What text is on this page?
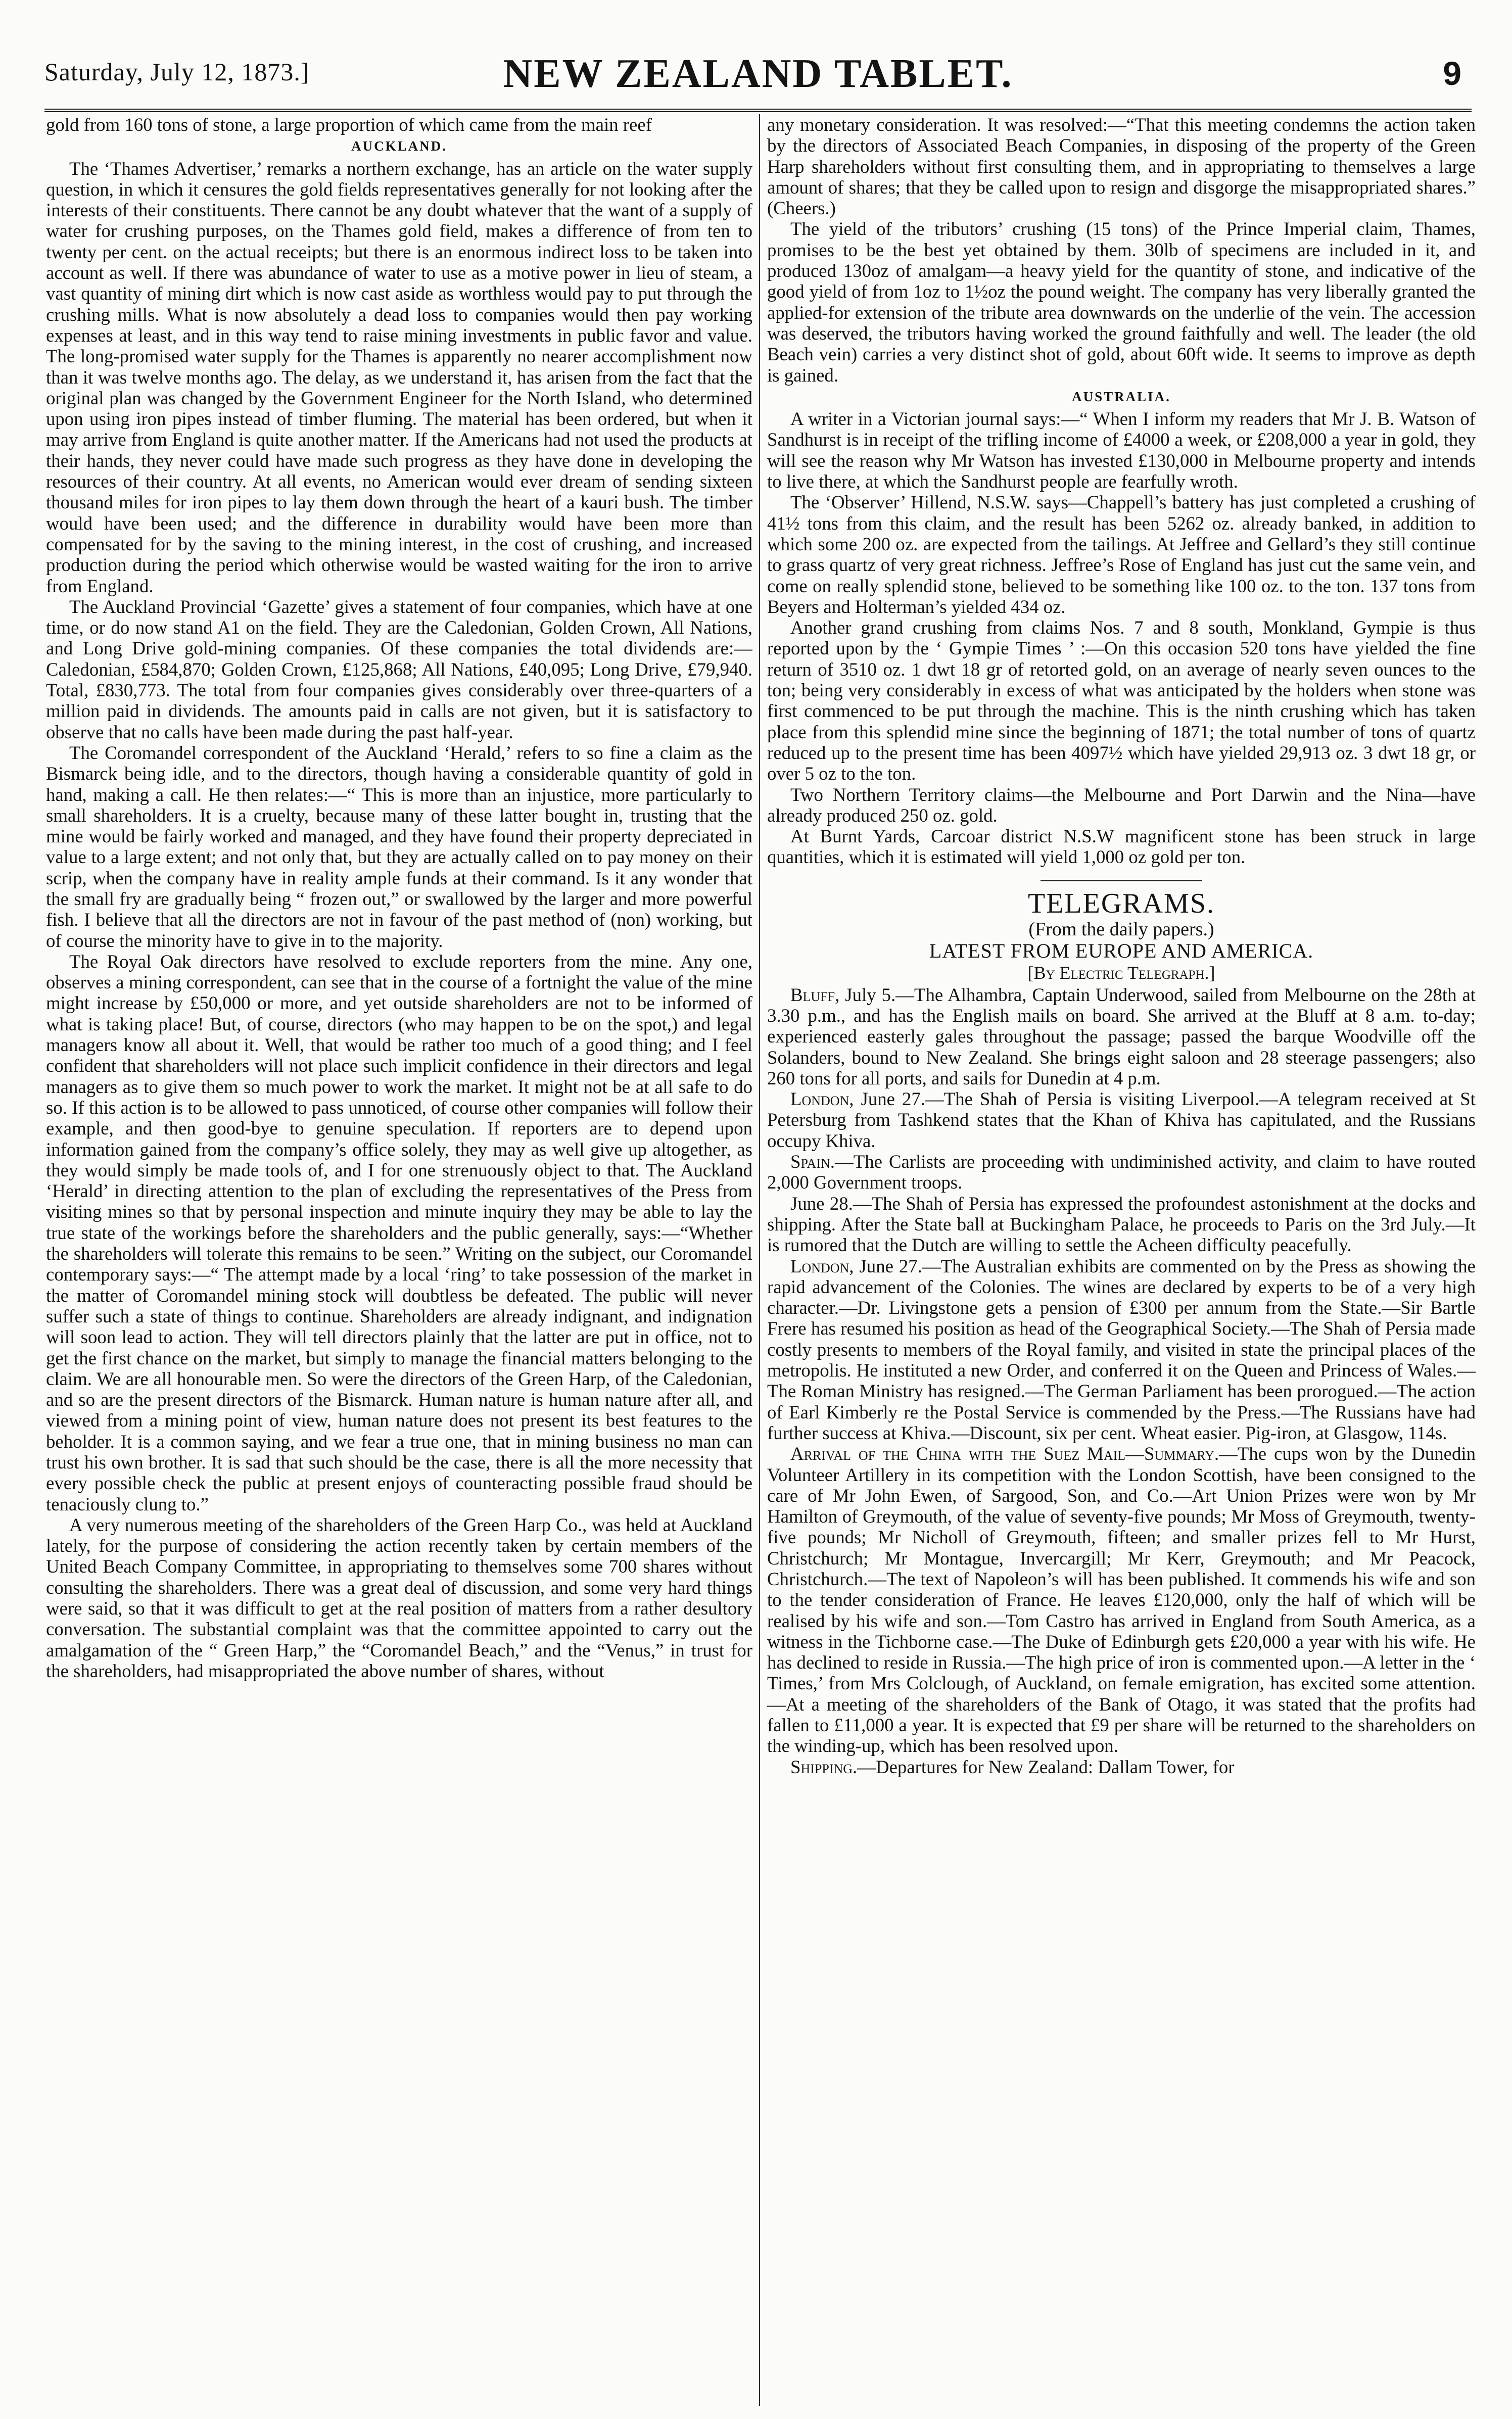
Saturday, July 12, 1873.]	NEW ZEALAND TABLET.	9

gold from 160 tons of stone, a large proportion of which came from the main reef

AUCKLAND.

The ‘Thames Advertiser,’ remarks a northern exchange, has an article on the water supply question, in which it censures the gold fields representatives generally for not looking after the interests of their constituents. There cannot be any doubt whatever that the want of a supply of water for crushing purposes, on the Thames gold field, makes a difference of from ten to twenty per cent. on the actual receipts; but there is an enormous indirect loss to be taken into account as well. If there was abundance of water to use as a motive power in lieu of steam, a vast quantity of mining dirt which is now cast aside as worthless would pay to put through the crushing mills. What is now absolutely a dead loss to companies would then pay working expenses at least, and in this way tend to raise mining investments in public favor and value. The long-promised water supply for the Thames is apparently no nearer accomplishment now than it was twelve months ago. The delay, as we understand it, has arisen from the fact that the original plan was changed by the Government Engineer for the North Island, who determined upon using iron pipes instead of timber fluming. The material has been ordered, but when it may arrive from England is quite another matter. If the Americans had not used the products at their hands, they never could have made such progress as they have done in developing the resources of their country. At all events, no American would ever dream of sending sixteen thousand miles for iron pipes to lay them down through the heart of a kauri bush. The timber would have been used; and the difference in durability would have been more than compensated for by the saving to the mining interest, in the cost of crushing, and increased production during the period which otherwise would be wasted waiting for the iron to arrive from England.

The Auckland Provincial ‘Gazette’ gives a statement of four companies, which have at one time, or do now stand A1 on the field. They are the Caledonian, Golden Crown, All Nations, and Long Drive gold-mining companies. Of these companies the total dividends are:—Caledonian, £584,870; Golden Crown, £125,868; All Nations, £40,095; Long Drive, £79,940. Total, £830,773. The total from four companies gives considerably over three-quarters of a million paid in dividends. The amounts paid in calls are not given, but it is satisfactory to observe that no calls have been made during the past half-year.

The Coromandel correspondent of the Auckland ‘Herald,’ refers to so fine a claim as the Bismarck being idle, and to the directors, though having a considerable quantity of gold in hand, making a call. He then relates:—“ This is more than an injustice, more particularly to small shareholders. It is a cruelty, because many of these latter bought in, trusting that the mine would be fairly worked and managed, and they have found their property depreciated in value to a large extent; and not only that, but they are actually called on to pay money on their scrip, when the company have in reality ample funds at their command. Is it any wonder that the small fry are gradually being “ frozen out,” or swallowed by the larger and more powerful fish. I believe that all the directors are not in favour of the past method of (non) working, but of course the minority have to give in to the majority.

The Royal Oak directors have resolved to exclude reporters from the mine. Any one, observes a mining correspondent, can see that in the course of a fortnight the value of the mine might increase by £50,000 or more, and yet outside shareholders are not to be informed of what is taking place! But, of course, directors (who may happen to be on the spot,) and legal managers know all about it. Well, that would be rather too much of a good thing; and I feel confident that shareholders will not place such implicit confidence in their directors and legal managers as to give them so much power to work the market. It might not be at all safe to do so. If this action is to be allowed to pass unnoticed, of course other companies will follow their example, and then good-bye to genuine speculation. If reporters are to depend upon information gained from the company’s office solely, they may as well give up altogether, as they would simply be made tools of, and I for one strenuously object to that. The Auckland ‘Herald’ in directing attention to the plan of excluding the representatives of the Press from visiting mines so that by personal inspection and minute inquiry they may be able to lay the true state of the workings before the shareholders and the public generally, says:—“Whether the shareholders will tolerate this remains to be seen.” Writing on the subject, our Coromandel contemporary says:—“ The attempt made by a local ‘ring’ to take possession of the market in the matter of Coromandel mining stock will doubtless be defeated. The public will never suffer such a state of things to continue. Shareholders are already indignant, and indignation will soon lead to action. They will tell directors plainly that the latter are put in office, not to get the first chance on the market, but simply to manage the financial matters belonging to the claim. We are all honourable men. So were the directors of the Green Harp, of the Caledonian, and so are the present directors of the Bismarck. Human nature is human nature after all, and viewed from a mining point of view, human nature does not present its best features to the beholder. It is a common saying, and we fear a true one, that in mining business no man can trust his own brother. It is sad that such should be the case, there is all the more necessity that every possible check the public at present enjoys of counteracting possible fraud should be tenaciously clung to.”

A very numerous meeting of the shareholders of the Green Harp Co., was held at Auckland lately, for the purpose of considering the action recently taken by certain members of the United Beach Company Committee, in appropriating to themselves some 700 shares without consulting the shareholders. There was a great deal of discussion, and some very hard things were said, so that it was difficult to get at the real position of matters from a rather desultory conversation. The substantial complaint was that the committee appointed to carry out the amalgamation of the “ Green Harp,” the “Coromandel Beach,” and the “Venus,” in trust for the shareholders, had misappropriated the above number of shares, without

any monetary consideration. It was resolved:—“That this meeting condemns the action taken by the directors of Associated Beach Companies, in disposing of the property of the Green Harp shareholders without first consulting them, and in appropriating to themselves a large amount of shares; that they be called upon to resign and disgorge the misappropriated shares.” (Cheers.)

The yield of the tributors’ crushing (15 tons) of the Prince Imperial claim, Thames, promises to be the best yet obtained by them. 30lb of specimens are included in it, and produced 130oz of amalgam—a heavy yield for the quantity of stone, and indicative of the good yield of from 1oz to 1½oz the pound weight. The company has very liberally granted the applied-for extension of the tribute area downwards on the underlie of the vein. The accession was deserved, the tributors having worked the ground faithfully and well. The leader (the old Beach vein) carries a very distinct shot of gold, about 60ft wide. It seems to improve as depth is gained.

AUSTRALIA.

A writer in a Victorian journal says:—“ When I inform my readers that Mr J. B. Watson of Sandhurst is in receipt of the trifling income of £4000 a week, or £208,000 a year in gold, they will see the reason why Mr Watson has invested £130,000 in Melbourne property and intends to live there, at which the Sandhurst people are fearfully wroth.

The ‘Observer’ Hillend, N.S.W. says—Chappell’s battery has just completed a crushing of 41½ tons from this claim, and the result has been 5262 oz. already banked, in addition to which some 200 oz. are expected from the tailings. At Jeffree and Gellard’s they still continue to grass quartz of very great richness. Jeffree’s Rose of England has just cut the same vein, and come on really splendid stone, believed to be something like 100 oz. to the ton. 137 tons from Beyers and Holterman’s yielded 434 oz.

Another grand crushing from claims Nos. 7 and 8 south, Monkland, Gympie is thus reported upon by the ‘ Gympie Times ’ :—On this occasion 520 tons have yielded the fine return of 3510 oz. 1 dwt 18 gr of retorted gold, on an average of nearly seven ounces to the ton; being very considerably in excess of what was anticipated by the holders when stone was first commenced to be put through the machine. This is the ninth crushing which has taken place from this splendid mine since the beginning of 1871; the total number of tons of quartz reduced up to the present time has been 4097½ which have yielded 29,913 oz. 3 dwt 18 gr, or over 5 oz to the ton.

Two Northern Territory claims—the Melbourne and Port Darwin and the Nina—have already produced 250 oz. gold.

At Burnt Yards, Carcoar district N.S.W magnificent stone has been struck in large quantities, which it is estimated will yield 1,000 oz gold per ton.

TELEGRAMS.
(From the daily papers.)
LATEST FROM EUROPE AND AMERICA.
[By Electric Telegraph.]

Bluff, July 5.—The Alhambra, Captain Underwood, sailed from Melbourne on the 28th at 3.30 p.m., and has the English mails on board. She arrived at the Bluff at 8 a.m. to-day; experienced easterly gales throughout the passage; passed the barque Woodville off the Solanders, bound to New Zealand. She brings eight saloon and 28 steerage passengers; also 260 tons for all ports, and sails for Dunedin at 4 p.m.

London, June 27.—The Shah of Persia is visiting Liverpool.—A telegram received at St Petersburg from Tashkend states that the Khan of Khiva has capitulated, and the Russians occupy Khiva.

Spain.—The Carlists are proceeding with undiminished activity, and claim to have routed 2,000 Government troops.

June 28.—The Shah of Persia has expressed the profoundest astonishment at the docks and shipping. After the State ball at Buckingham Palace, he proceeds to Paris on the 3rd July.—It is rumored that the Dutch are willing to settle the Acheen difficulty peacefully.

London, June 27.—The Australian exhibits are commented on by the Press as showing the rapid advancement of the Colonies. The wines are declared by experts to be of a very high character.—Dr. Livingstone gets a pension of £300 per annum from the State.—Sir Bartle Frere has resumed his position as head of the Geographical Society.—The Shah of Persia made costly presents to members of the Royal family, and visited in state the principal places of the metropolis. He instituted a new Order, and conferred it on the Queen and Princess of Wales.—The Roman Ministry has resigned.—The German Parliament has been prorogued.—The action of Earl Kimberly re the Postal Service is commended by the Press.—The Russians have had further success at Khiva.—Discount, six per cent. Wheat easier. Pig-iron, at Glasgow, 114s.

Arrival of the China with the Suez Mail—Summary.—The cups won by the Dunedin Volunteer Artillery in its competition with the London Scottish, have been consigned to the care of Mr John Ewen, of Sargood, Son, and Co.—Art Union Prizes were won by Mr Hamilton of Greymouth, of the value of seventy-five pounds; Mr Moss of Greymouth, twenty-five pounds; Mr Nicholl of Greymouth, fifteen; and smaller prizes fell to Mr Hurst, Christchurch; Mr Montague, Invercargill; Mr Kerr, Greymouth; and Mr Peacock, Christchurch.—The text of Napoleon’s will has been published. It commends his wife and son to the tender consideration of France. He leaves £120,000, only the half of which will be realised by his wife and son.—Tom Castro has arrived in England from South America, as a witness in the Tichborne case.—The Duke of Edinburgh gets £20,000 a year with his wife. He has declined to reside in Russia.—The high price of iron is commented upon.—A letter in the ‘ Times,’ from Mrs Colclough, of Auckland, on female emigration, has excited some attention.—At a meeting of the shareholders of the Bank of Otago, it was stated that the profits had fallen to £11,000 a year. It is expected that £9 per share will be returned to the shareholders on the winding-up, which has been resolved upon.

Shipping.—Departures for New Zealand: Dallam Tower, for
